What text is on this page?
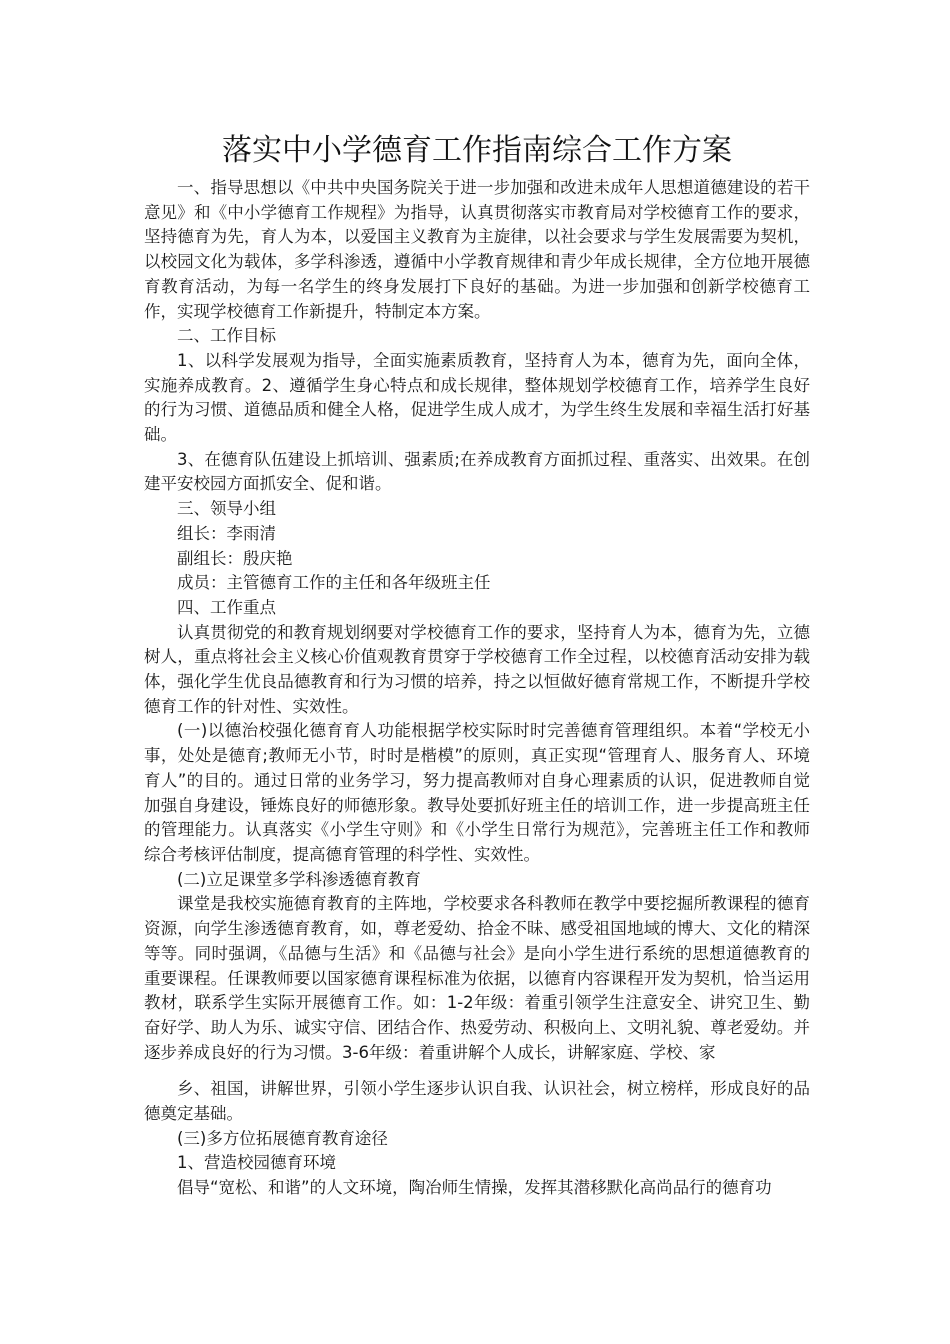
落实中小学德育工作指南综合工作方案

一、指导思想以《中共中央国务院关于进一步加强和改进未成年人思想道德建设的若干意见》和《中小学德育工作规程》为指导，认真贯彻落实市教育局对学校德育工作的要求，坚持德育为先，育人为本，以爱国主义教育为主旋律，以社会要求与学生发展需要为契机，以校园文化为载体，多学科渗透，遵循中小学教育规律和青少年成长规律，全方位地开展德育教育活动，为每一名学生的终身发展打下良好的基础。为进一步加强和创新学校德育工作，实现学校德育工作新提升，特制定本方案。

二、工作目标

1、以科学发展观为指导，全面实施素质教育，坚持育人为本，德育为先，面向全体，实施养成教育。2、遵循学生身心特点和成长规律，整体规划学校德育工作，培养学生良好的行为习惯、道德品质和健全人格，促进学生成人成才，为学生终生发展和幸福生活打好基础。

3、在德育队伍建设上抓培训、强素质;在养成教育方面抓过程、重落实、出效果。在创建平安校园方面抓安全、促和谐。

三、领导小组

组长：李雨清

副组长：殷庆艳

成员：主管德育工作的主任和各年级班主任

四、工作重点

认真贯彻党的和教育规划纲要对学校德育工作的要求，坚持育人为本，德育为先，立德树人，重点将社会主义核心价值观教育贯穿于学校德育工作全过程，以校德育活动安排为载体，强化学生优良品德教育和行为习惯的培养，持之以恒做好德育常规工作，不断提升学校德育工作的针对性、实效性。

(一)以德治校强化德育育人功能根据学校实际时时完善德育管理组织。本着“学校无小事，处处是德育;教师无小节，时时是楷模”的原则，真正实现“管理育人、服务育人、环境育人”的目的。通过日常的业务学习，努力提高教师对自身心理素质的认识，促进教师自觉加强自身建设，锤炼良好的师德形象。教导处要抓好班主任的培训工作，进一步提高班主任的管理能力。认真落实《小学生守则》和《小学生日常行为规范》，完善班主任工作和教师综合考核评估制度，提高德育管理的科学性、实效性。

(二)立足课堂多学科渗透德育教育

课堂是我校实施德育教育的主阵地，学校要求各科教师在教学中要挖掘所教课程的德育资源，向学生渗透德育教育，如，尊老爱幼、拾金不昧、感受祖国地域的博大、文化的精深等等。同时强调，《品德与生活》和《品德与社会》是向小学生进行系统的思想道德教育的重要课程。任课教师要以国家德育课程标准为依据，以德育内容课程开发为契机，恰当运用教材，联系学生实际开展德育工作。如：1-2年级：着重引领学生注意安全、讲究卫生、勤奋好学、助人为乐、诚实守信、团结合作、热爱劳动、积极向上、文明礼貌、尊老爱幼。并逐步养成良好的行为习惯。3-6年级：着重讲解个人成长，讲解家庭、学校、家

乡、祖国，讲解世界，引领小学生逐步认识自我、认识社会，树立榜样，形成良好的品德奠定基础。

(三)多方位拓展德育教育途径

1、营造校园德育环境

倡导“宽松、和谐”的人文环境，陶冶师生情操，发挥其潜移默化高尚品行的德育功
